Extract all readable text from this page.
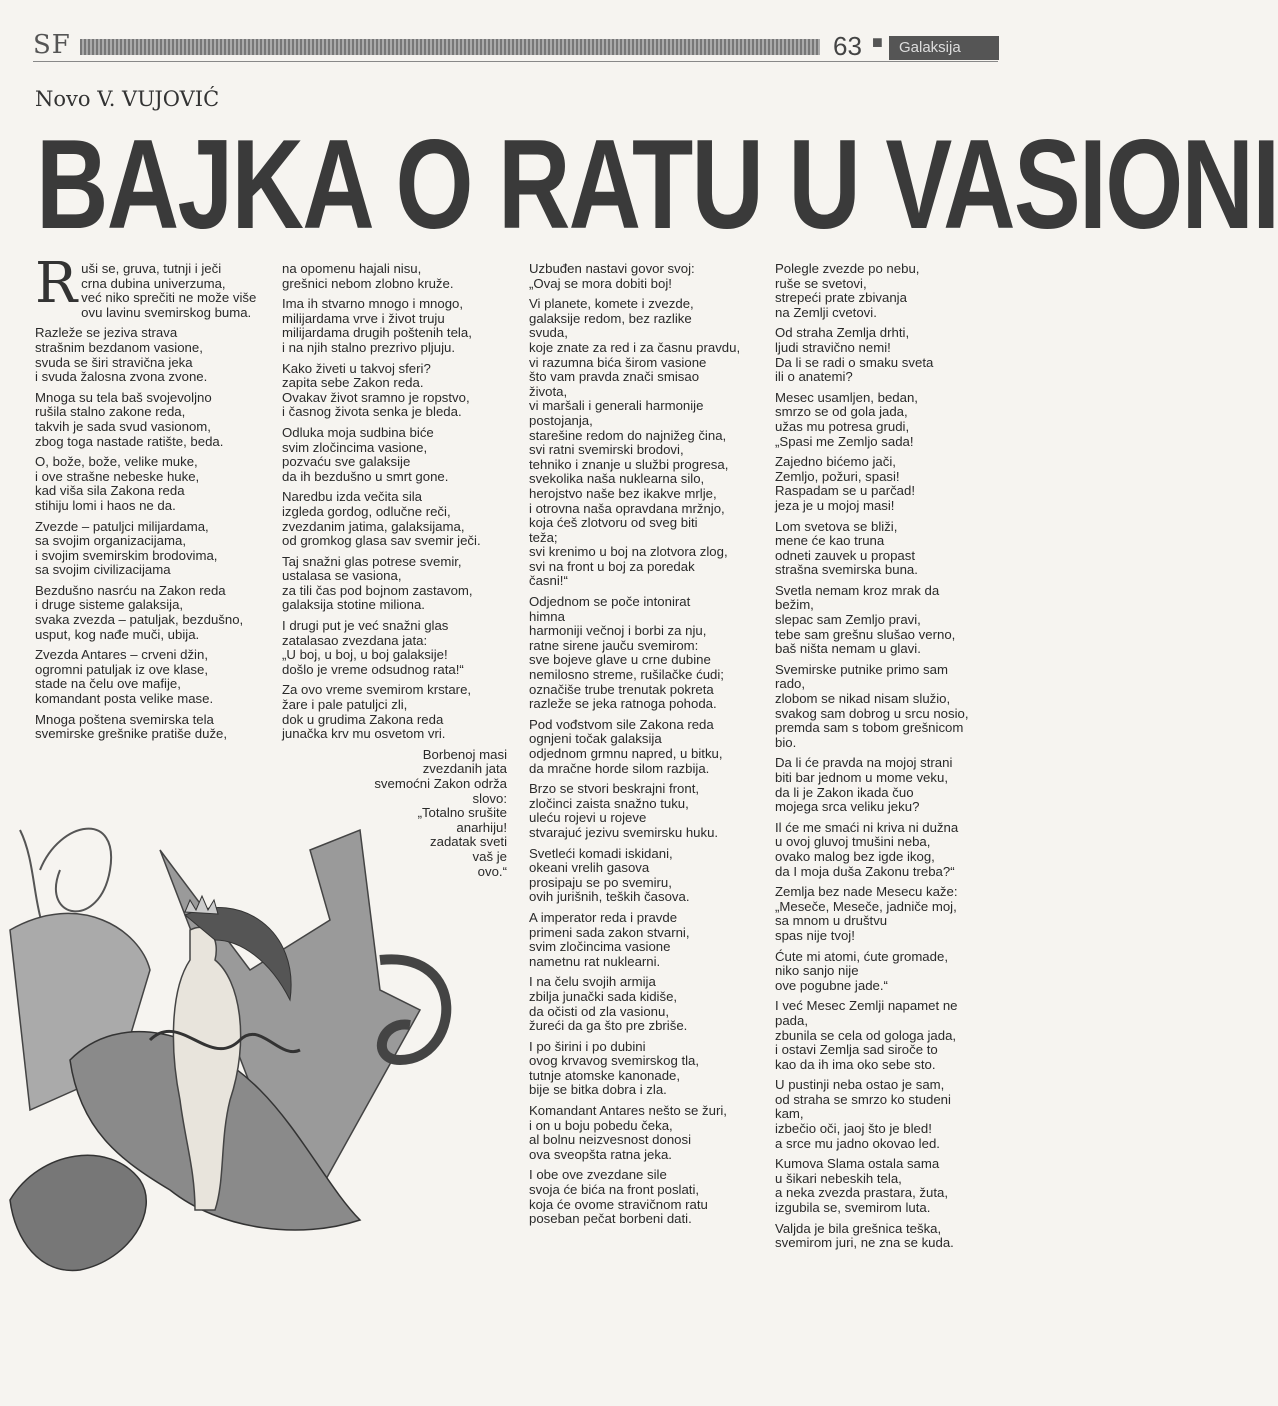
SF	63 ■	Galaksija
Novo V. VUJOVIĆ
BAJKA O RATU U VASIONI

Ruši se, gruva, tutnji i ječi
crna dubina univerzuma,
već niko sprečiti ne može više
ovu lavinu svemirskog buma.

Razleže se jeziva strava
strašnim bezdanom vasione,
svuda se širi stravična jeka
i svuda žalosna zvona zvone.

Mnoga su tela baš svojevoljno
rušila stalno zakone reda,
takvih je sada svud vasionom,
zbog toga nastade ratište, beda.

O, bože, bože, velike muke,
i ove strašne nebeske huke,
kad viša sila Zakona reda
stihiju lomi i haos ne da.

Zvezde – patuljci milijardama,
sa svojim organizacijama,
i svojim svemirskim brodovima,
sa svojim civilizacijama

Bezdušno nasrću na Zakon reda
i druge sisteme galaksija,
svaka zvezda – patuljak, bezdušno,
usput, kog nađe muči, ubija.

Zvezda Antares – crveni džin,
ogromni patuljak iz ove klase,
stade na čelu ove mafije,
komandant posta velike mase.

Mnoga poštena svemirska tela
svemirske grešnike pratiše duže,

na opomenu hajali nisu,
grešnici nebom zlobno kruže.

Ima ih stvarno mnogo i mnogo,
milijardama vrve i život truju
milijardama drugih poštenih tela,
i na njih stalno prezrivo pljuju.

Kako živeti u takvoj sferi?
zapita sebe Zakon reda.
Ovakav život sramno je ropstvo,
i časnog života senka je bleda.

Odluka moja sudbina biće
svim zločincima vasione,
pozvaću sve galaksije
da ih bezdušno u smrt gone.

Naredbu izda večita sila
izgleda gordog, odlučne reči,
zvezdanim jatima, galaksijama,
od gromkog glasa sav svemir ječi.

Taj snažni glas potrese svemir,
ustalasa se vasiona,
za tili čas pod bojnom zastavom,
galaksija stotine miliona.

I drugi put je već snažni glas
zatalasao zvezdana jata:
„U boj, u boj, u boj galaksije!
došlo je vreme odsudnog rata!“

Za ovo vreme svemirom krstare,
žare i pale patuljci zli,
dok u grudima Zakona reda
junačka krv mu osvetom vri.

Borbenoj masi zvezdanih jata
svemoćni Zakon održa
slovo:
„Totalno srušite
anarhiju!
zadatak sveti
vaš je
ovo.“

Uzbuđen nastavi govor svoj:
„Ovaj se mora dobiti boj!

Vi planete, komete i zvezde,
galaksije redom, bez razlike
svuda,
koje znate za red i za časnu pravdu,
vi razumna bića širom vasione
što vam pravda znači smisao
života,
vi maršali i generali harmonije
postojanja,
starešine redom do najnižeg čina,
svi ratni svemirski brodovi,
tehniko i znanje u službi progresa,
svekolika naša nuklearna silo,
herojstvo naše bez ikakve mrlje,
i otrovna naša opravdana mržnjo,
koja ćeš zlotvoru od sveg biti
teža;
svi krenimo u boj na zlotvora zlog,
svi na front u boj za poredak
časni!“

Odjednom se poče intonirat
himna
harmoniji večnoj i borbi za nju,
ratne sirene jauču svemirom:
sve bojeve glave u crne dubine
nemilosno streme, rušilačke ćudi;
označiše trube trenutak pokreta
razleže se jeka ratnoga pohoda.

Pod vođstvom sile Zakona reda
ognjeni točak galaksija
odjednom grmnu napred, u bitku,
da mračne horde silom razbija.

Brzo se stvori beskrajni front,
zločinci zaista snažno tuku,
uleću rojevi u rojeve
stvarajuć jezivu svemirsku huku.

Svetleći komadi iskidani,
okeani vrelih gasova
prosipaju se po svemiru,
ovih jurišnih, teških časova.

A imperator reda i pravde
primeni sada zakon stvarni,
svim zločincima vasione
nametnu rat nuklearni.

I na čelu svojih armija
zbilja junački sada kidiše,
da očisti od zla vasionu,
žureći da ga što pre zbriše.

I po širini i po dubini
ovog krvavog svemirskog tla,
tutnje atomske kanonade,
bije se bitka dobra i zla.

Komandant Antares nešto se žuri,
i on u boju pobedu čeka,
al bolnu neizvesnost donosi
ova sveopšta ratna jeka.

I obe ove zvezdane sile
svoja će bića na front poslati,
koja će ovome stravičnom ratu
poseban pečat borbeni dati.

Polegle zvezde po nebu,
ruše se svetovi,
strepeći prate zbivanja
na Zemlji cvetovi.

Od straha Zemlja drhti,
ljudi stravično nemi!
Da li se radi o smaku sveta
ili o anatemi?

Mesec usamljen, bedan,
smrzo se od gola jada,
užas mu potresa grudi,
„Spasi me Zemljo sada!

Zajedno bićemo jači,
Zemljo, požuri, spasi!
Raspadam se u parčad!
jeza je u mojoj masi!

Lom svetova se bliži,
mene će kao truna
odneti zauvek u propast
strašna svemirska buna.

Svetla nemam kroz mrak da
bežim,
slepac sam Zemljo pravi,
tebe sam grešnu slušao verno,
baš ništa nemam u glavi.

Svemirske putnike primo sam
rado,
zlobom se nikad nisam služio,
svakog sam dobrog u srcu nosio,
premda sam s tobom grešnicom
bio.

Da li će pravda na mojoj strani
biti bar jednom u mome veku,
da li je Zakon ikada čuo
mojega srca veliku jeku?

Il će me smaći ni kriva ni dužna
u ovoj gluvoj tmušini neba,
ovako malog bez igde ikog,
da I moja duša Zakonu treba?“

Zemlja bez nade Mesecu kaže:
„Meseče, Meseče, jadniče moj,
sa mnom u društvu
spas nije tvoj!

Ćute mi atomi, ćute gromade,
niko sanjo nije
ove pogubne jade.“

I već Mesec Zemlji napamet ne
pada,
zbunila se cela od gologa jada,
i ostavi Zemlja sad siroče to
kao da ih ima oko sebe sto.

U pustinji neba ostao je sam,
od straha se smrzo ko studeni
kam,
izbečio oči, jaoj što je bled!
a srce mu jadno okovao led.

Kumova Slama ostala sama
u šikari nebeskih tela,
a neka zvezda prastara, žuta,
izgubila se, svemirom luta.

Valjda je bila grešnica teška,
svemirom juri, ne zna se kuda.
